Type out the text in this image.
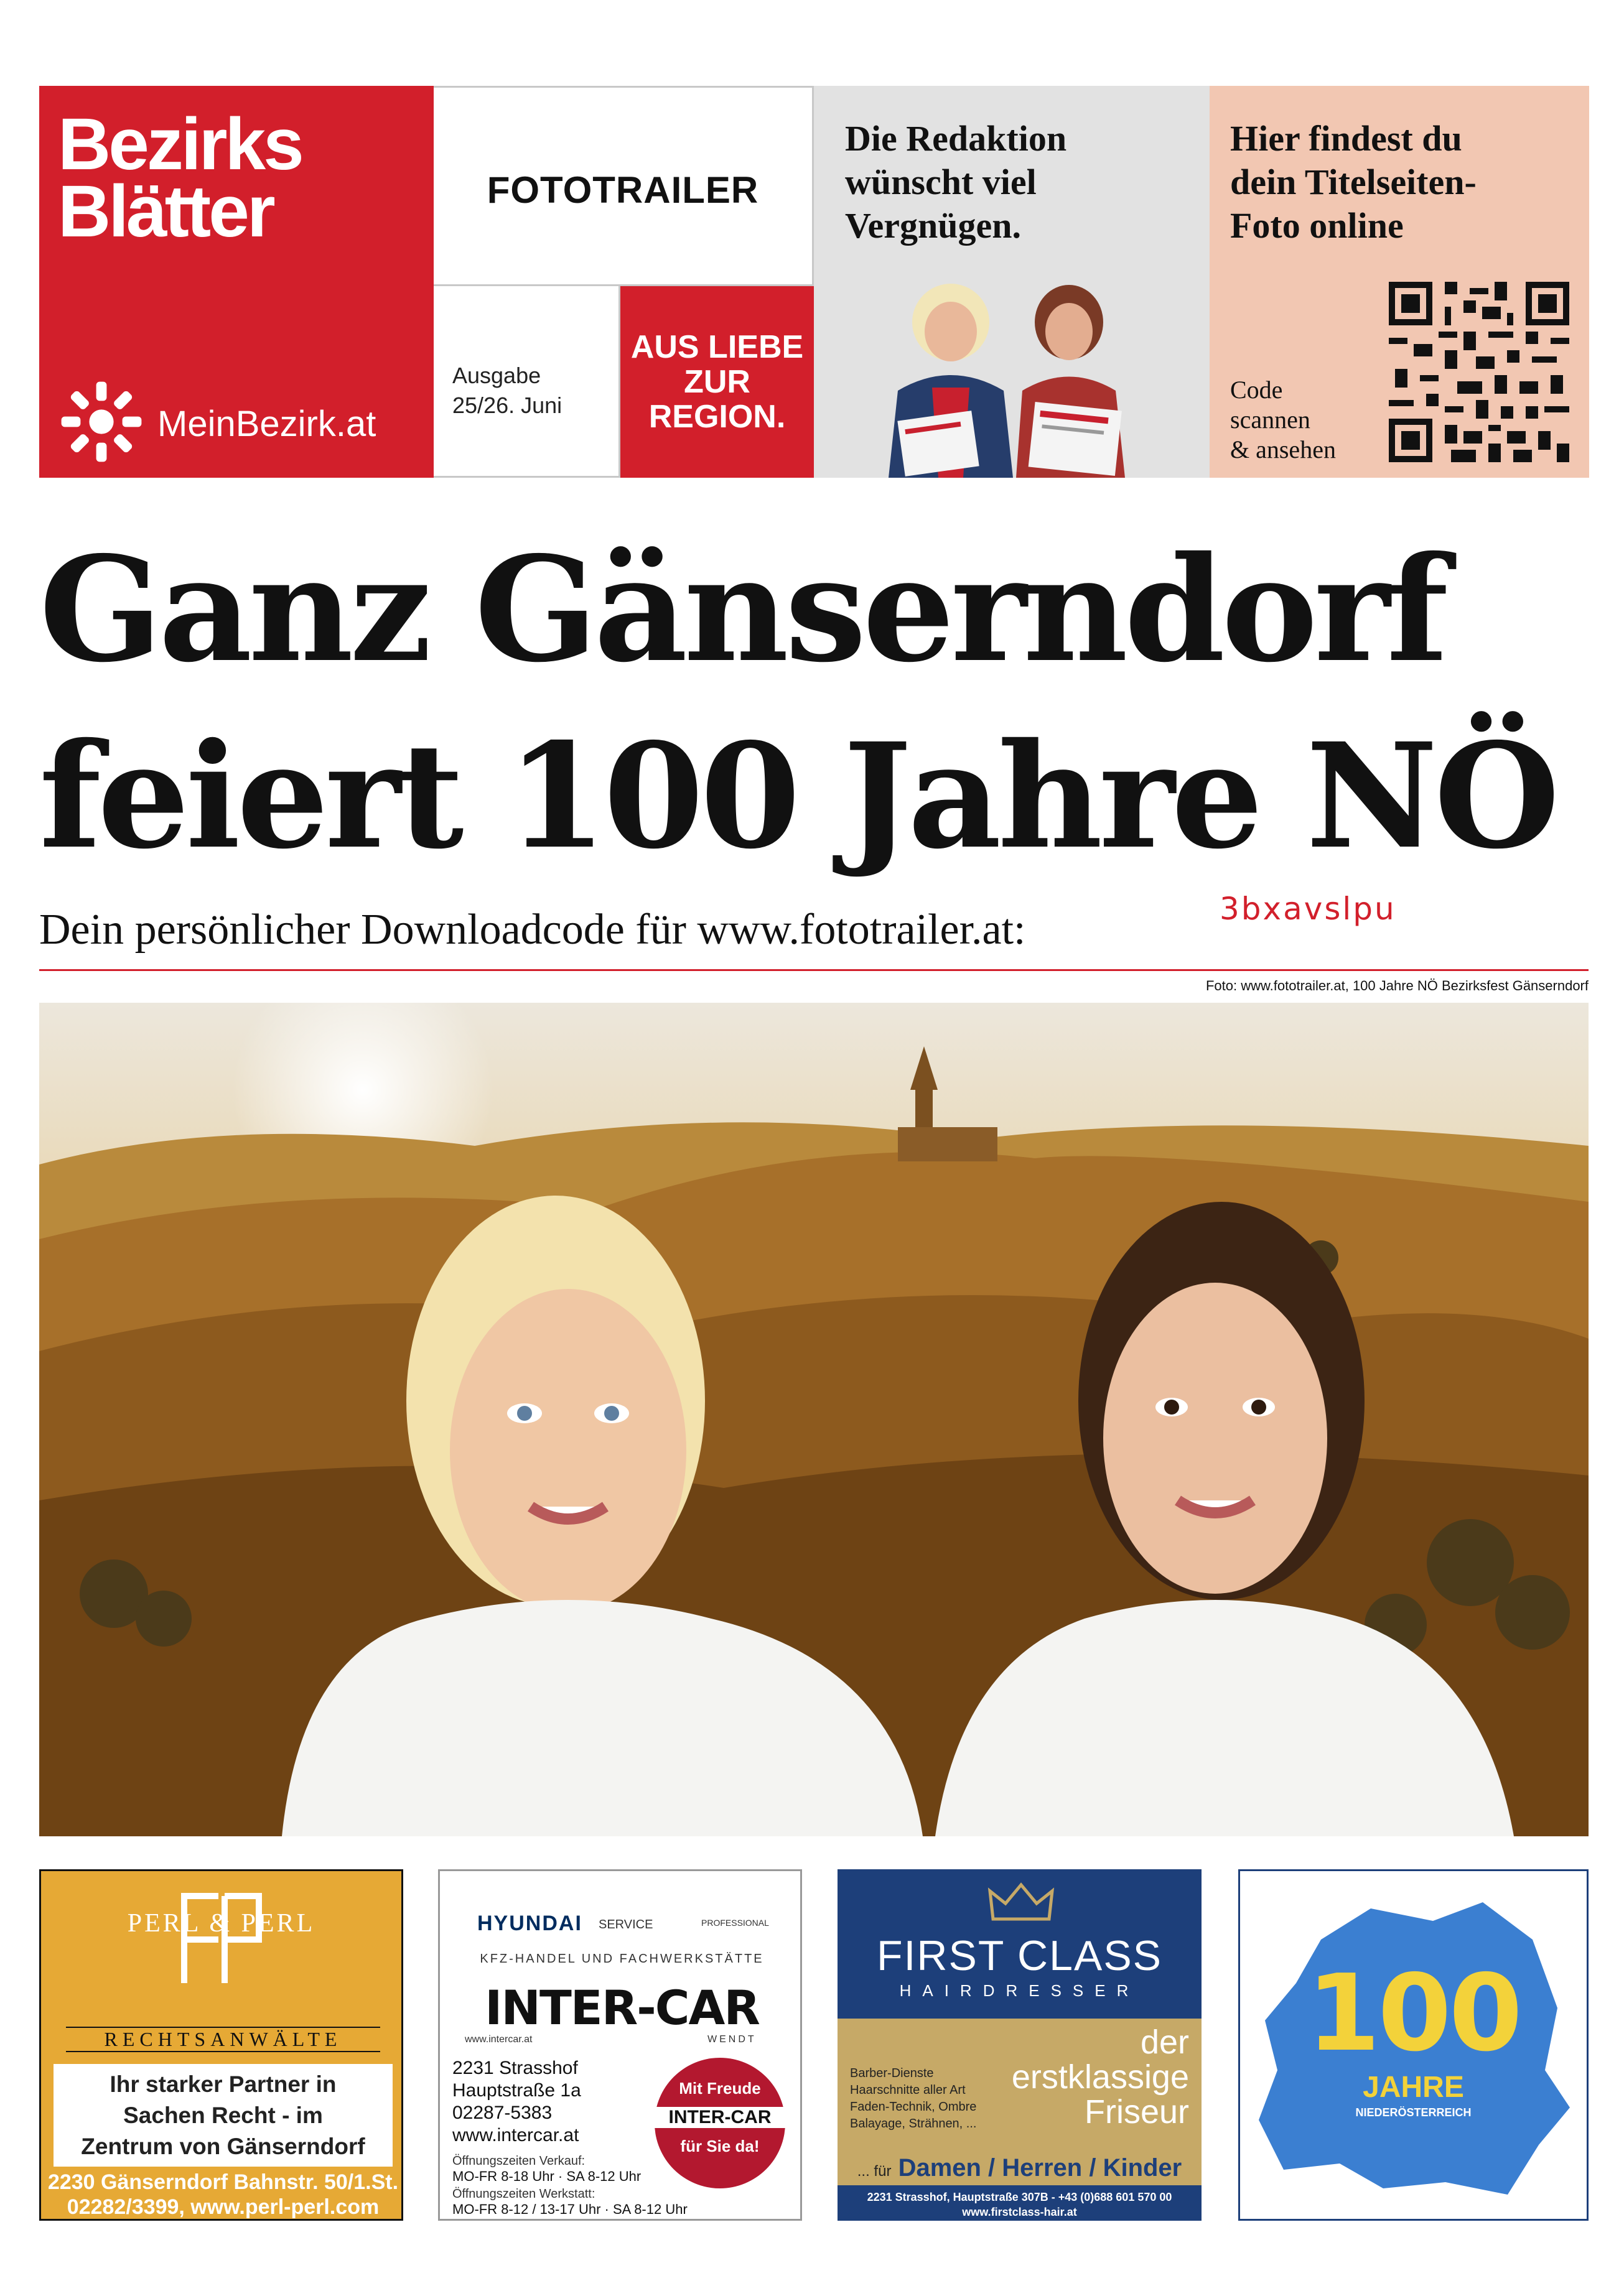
Bezirks
Blätter
MeinBezirk.at
FOTOTRAILER
Ausgabe
25/26. Juni
AUS LIEBE
ZUR
REGION.
Die Redaktion
wünscht viel
Vergnügen.
Hier findest du
dein Titelseiten-
Foto online
Code
scannen
& ansehen
Ganz Gänserndorf
feiert 100 Jahre NÖ
Dein persönlicher Downloadcode für www.fototrailer.at:	3bxavslpu
Foto: www.fototrailer.at, 100 Jahre NÖ Bezirksfest Gänserndorf
PERL & PERL
RECHTSANWÄLTE
Ihr starker Partner in
Sachen Recht - im
Zentrum von Gänserndorf
2230 Gänserndorf Bahnstr. 50/1.St.
02282/3399, www.perl-perl.com
HYUNDAI SERVICE	PROFESSIONAL
KFZ-HANDEL UND FACHWERKSTÄTTE
INTER-CAR
www.intercar.at	WENDT
2231 Strasshof
Hauptstraße 1a
02287-5383
www.intercar.at
Öffnungszeiten Verkauf:
MO-FR 8-18 Uhr · SA 8-12 Uhr
Öffnungszeiten Werkstatt:
MO-FR 8-12 / 13-17 Uhr · SA 8-12 Uhr
Mit Freude
INTER-CAR
für Sie da!
FIRST CLASS
HAIRDRESSER
Barber-Dienste
Haarschnitte aller Art
Faden-Technik, Ombre
Balayage, Strähnen, ...
der
erstklassige
Friseur
... für Damen / Herren / Kinder
2231 Strasshof, Hauptstraße 307B - +43 (0)688 601 570 00
www.firstclass-hair.at
100
JAHRE
NIEDERÖSTERREICH
